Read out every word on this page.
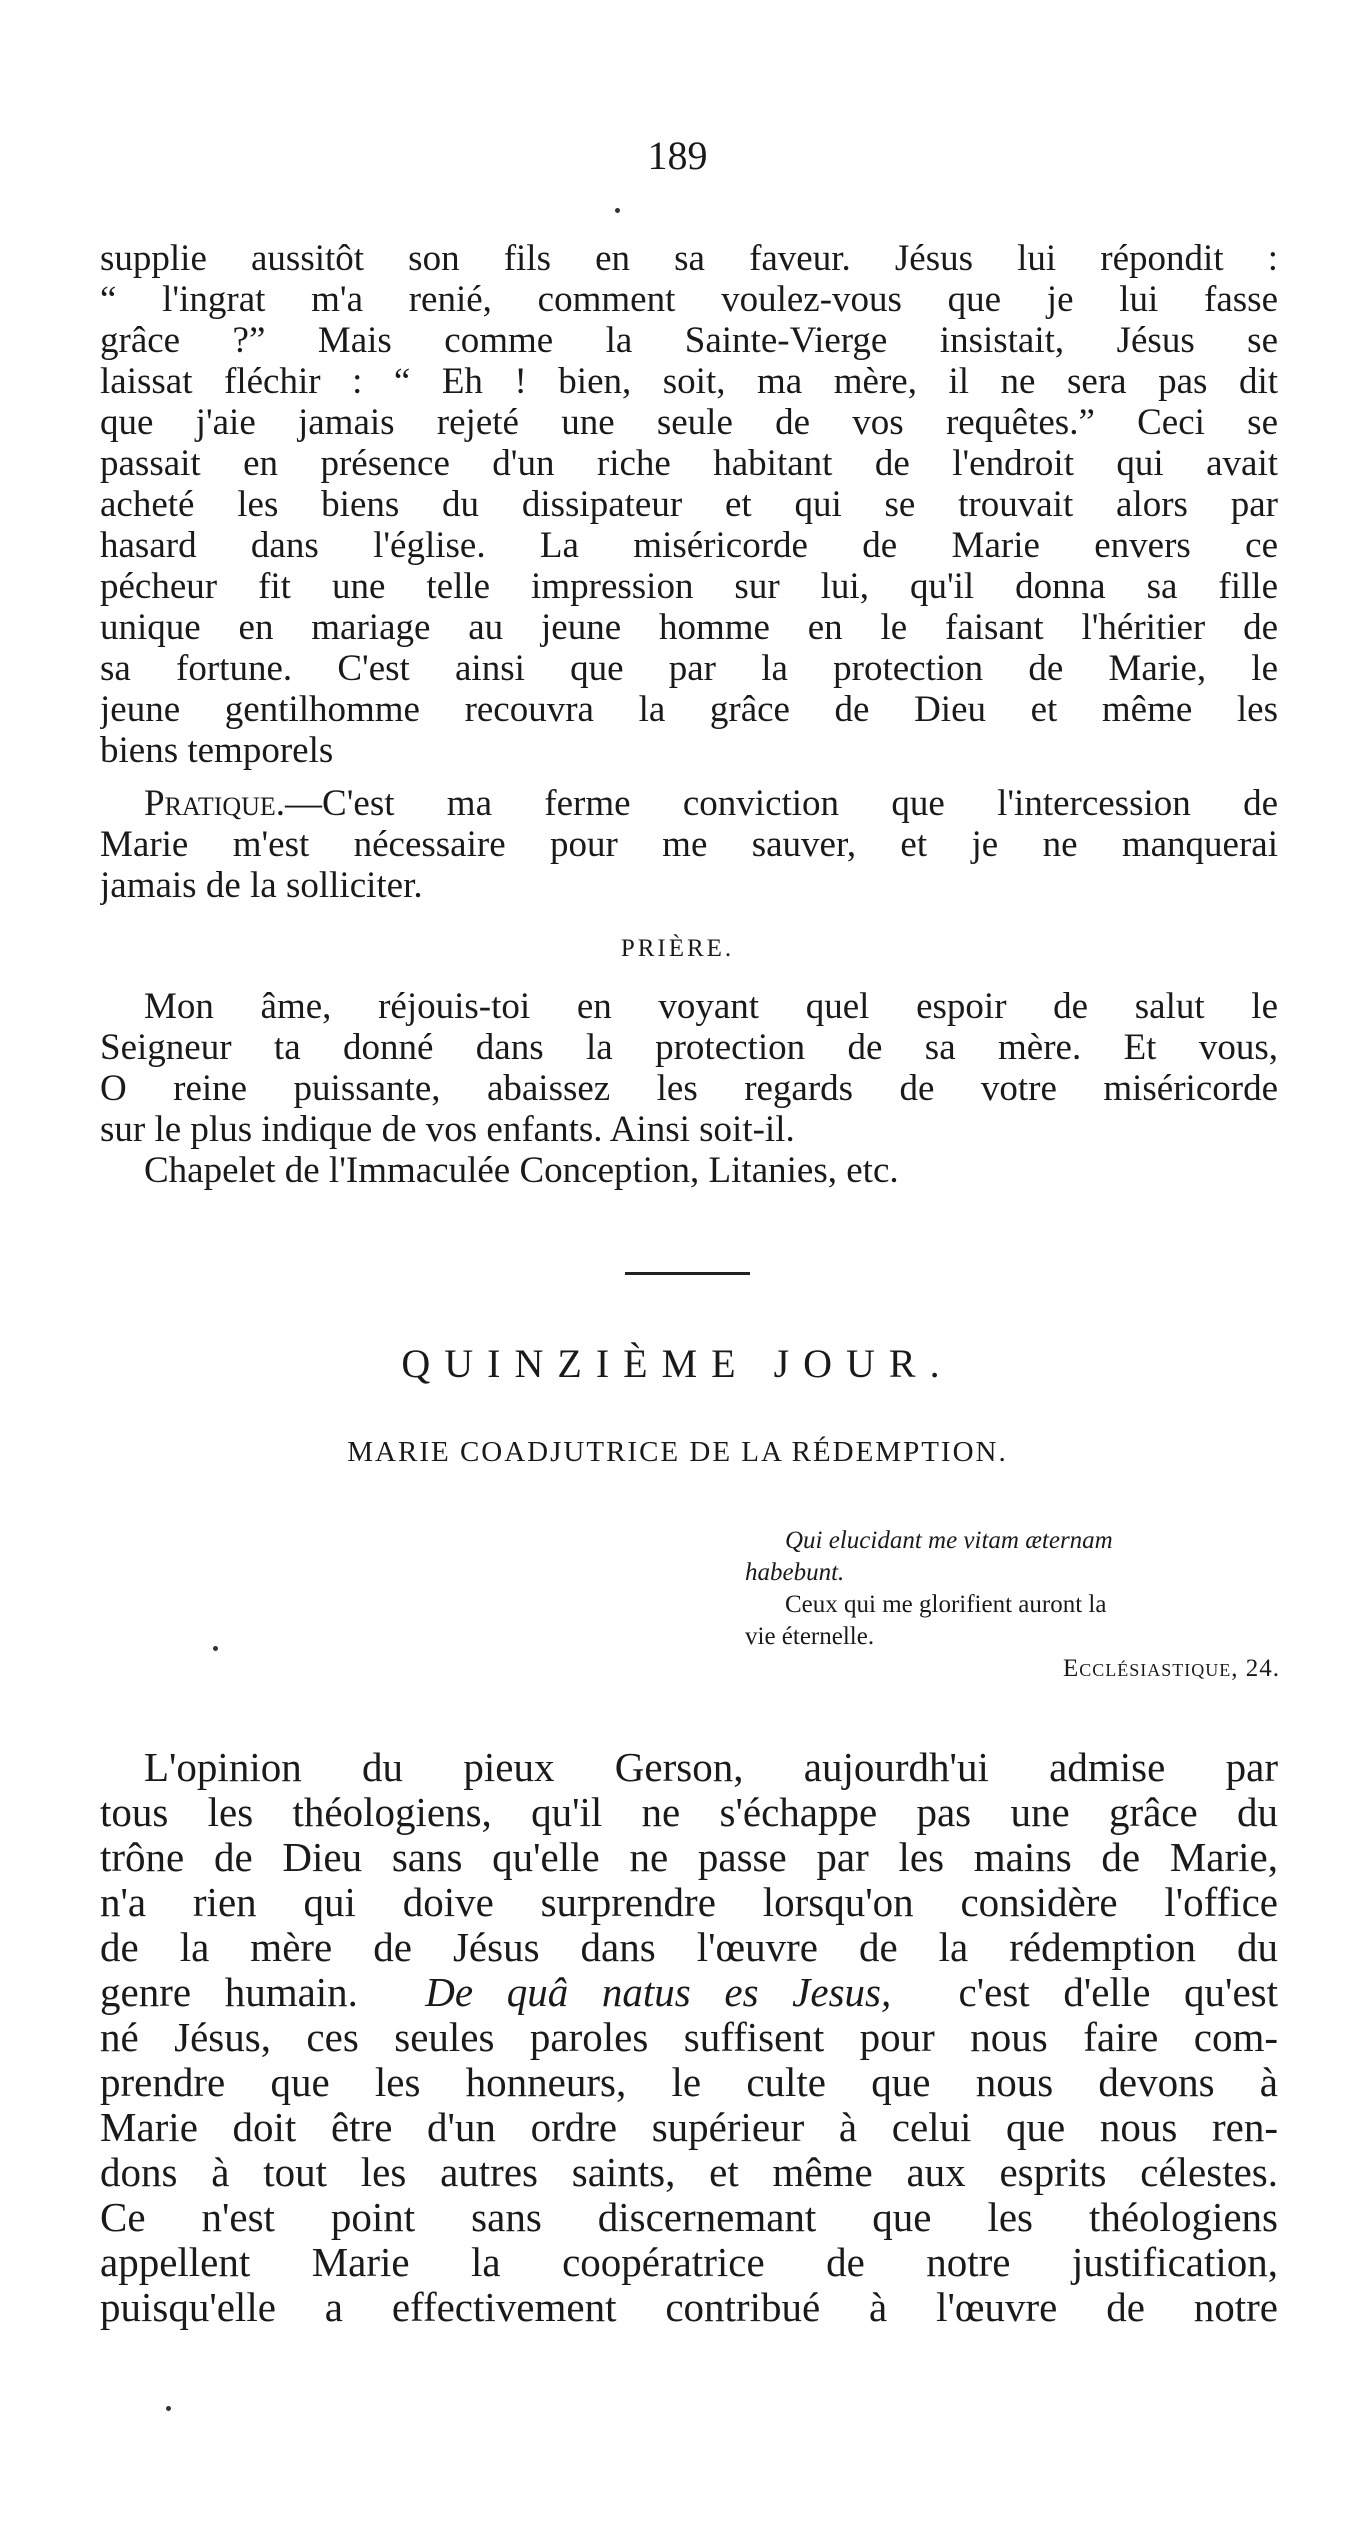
189
supplie aussitôt son fils en sa faveur. Jésus lui répondit :
“ l'ingrat m'a renié, comment voulez-vous que je lui fasse
grâce ?” Mais comme la Sainte-Vierge insistait, Jésus se
laissat fléchir : “ Eh ! bien, soit, ma mère, il ne sera pas dit
que j'aie jamais rejeté une seule de vos requêtes.” Ceci se
passait en présence d'un riche habitant de l'endroit qui avait
acheté les biens du dissipateur et qui se trouvait alors par
hasard dans l'église. La miséricorde de Marie envers ce
pécheur fit une telle impression sur lui, qu'il donna sa fille
unique en mariage au jeune homme en le faisant l'héritier de
sa fortune. C'est ainsi que par la protection de Marie, le
jeune gentilhomme recouvra la grâce de Dieu et même les
biens temporels
Pratique.—C'est ma ferme conviction que l'intercession de
Marie m'est nécessaire pour me sauver, et je ne manquerai
jamais de la solliciter.
PRIÈRE.
Mon âme, réjouis-toi en voyant quel espoir de salut le
Seigneur ta donné dans la protection de sa mère. Et vous,
O reine puissante, abaissez les regards de votre miséricorde
sur le plus indique de vos enfants. Ainsi soit-il.
Chapelet de l'Immaculée Conception, Litanies, etc.
QUINZIÈME JOUR.
MARIE COADJUTRICE DE LA RÉDEMPTION.
Qui elucidant me vitam æternam
habebunt.
Ceux qui me glorifient auront la
vie éternelle.
Ecclésiastique, 24.
L'opinion du pieux Gerson, aujourdh'ui admise par
tous les théologiens, qu'il ne s'échappe pas une grâce du
trône de Dieu sans qu'elle ne passe par les mains de Marie,
n'a rien qui doive surprendre lorsqu'on considère l'office
de la mère de Jésus dans l'œuvre de la rédemption du
genre humain. De quâ natus es Jesus, c'est d'elle qu'est
né Jésus, ces seules paroles suffisent pour nous faire com-
prendre que les honneurs, le culte que nous devons à
Marie doit être d'un ordre supérieur à celui que nous ren-
dons à tout les autres saints, et même aux esprits célestes.
Ce n'est point sans discernemant que les théologiens
appellent Marie la coopératrice de notre justification,
puisqu'elle a effectivement contribué à l'œuvre de notre
